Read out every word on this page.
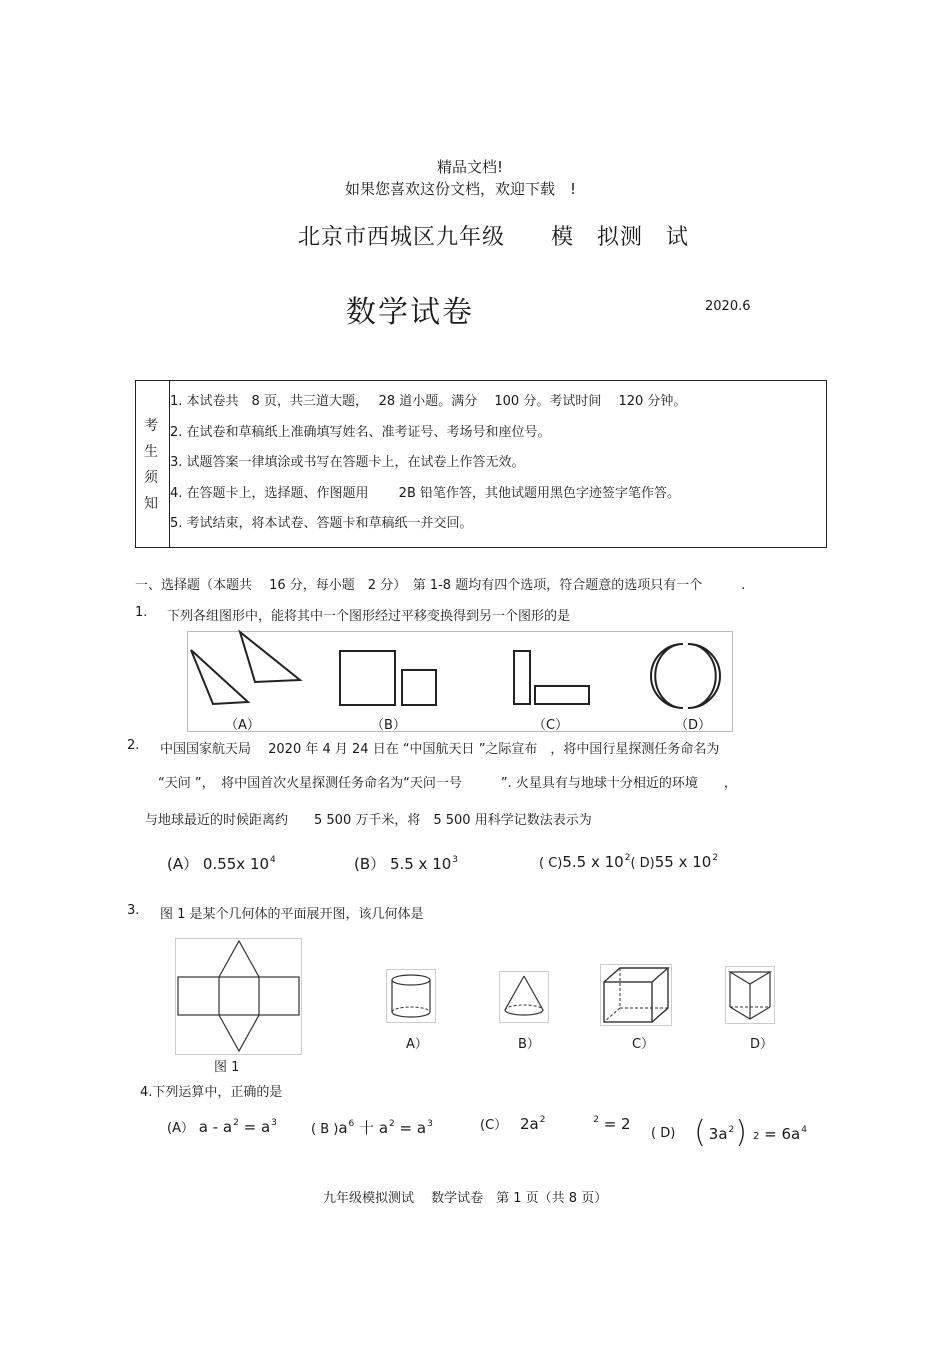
精品文档!
如果您喜欢这份文档，欢迎下载　!
北京市西城区九年级　　模　拟测　试
数学试卷	2020.6
考
生
须
知
1. 本试卷共　8 页，共三道大题，　 28 道小题。满分　 100 分。考试时间　 120 分钟。
2. 在试卷和草稿纸上准确填写姓名、准考证号、考场号和座位号。
3. 试题答案一律填涂或书写在答题卡上，在试卷上作答无效。
4. 在答题卡上，选择题、作图题用　　 2B 铅笔作答，其他试题用黑色字迹签字笔作答。
5. 考试结束，将本试卷、答题卡和草稿纸一并交回。
一、选择题（本题共　 16 分，每小题　2 分）　第 1-8 题均有四个选项，符合题意的选项只有一个　　　.
1. 下列各组图形中，能将其中一个图形经过平移变换得到另一个图形的是
（A）	（B）	（C）	（D）
2. 中国国家航天局　 2020 年 4 月 24 日在 “中国航天日 ”之际宣布　，将中国行星探测任务命名为
“天问 ”，　将中国首次火星探测任务命名为“天问一号　　　”. 火星具有与地球十分相近的环境　　，
与地球最近的时候距离约　　5 500 万千米，将　5 500 用科学记数法表示为
(A） 0.55x $10^4$	(B） 5.5 x $10^3$	( C)5.5 x $10^2$( D)55 x $10^2$
3. 图 1 是某个几何体的平面展开图，该几何体是
图 1
A）	B）	C）	D）
4.下列运算中，正确的是
(A） $a - a^2 = a^3$	( B )$a^6$ 十 $a^2 = a^3$	(C） $2a^2$	$^2$ = 2
( D) ( $3a^2$) $2 = 6a^4$
九年级模拟测试　 数学试卷　第 1 页（共 8 页）
